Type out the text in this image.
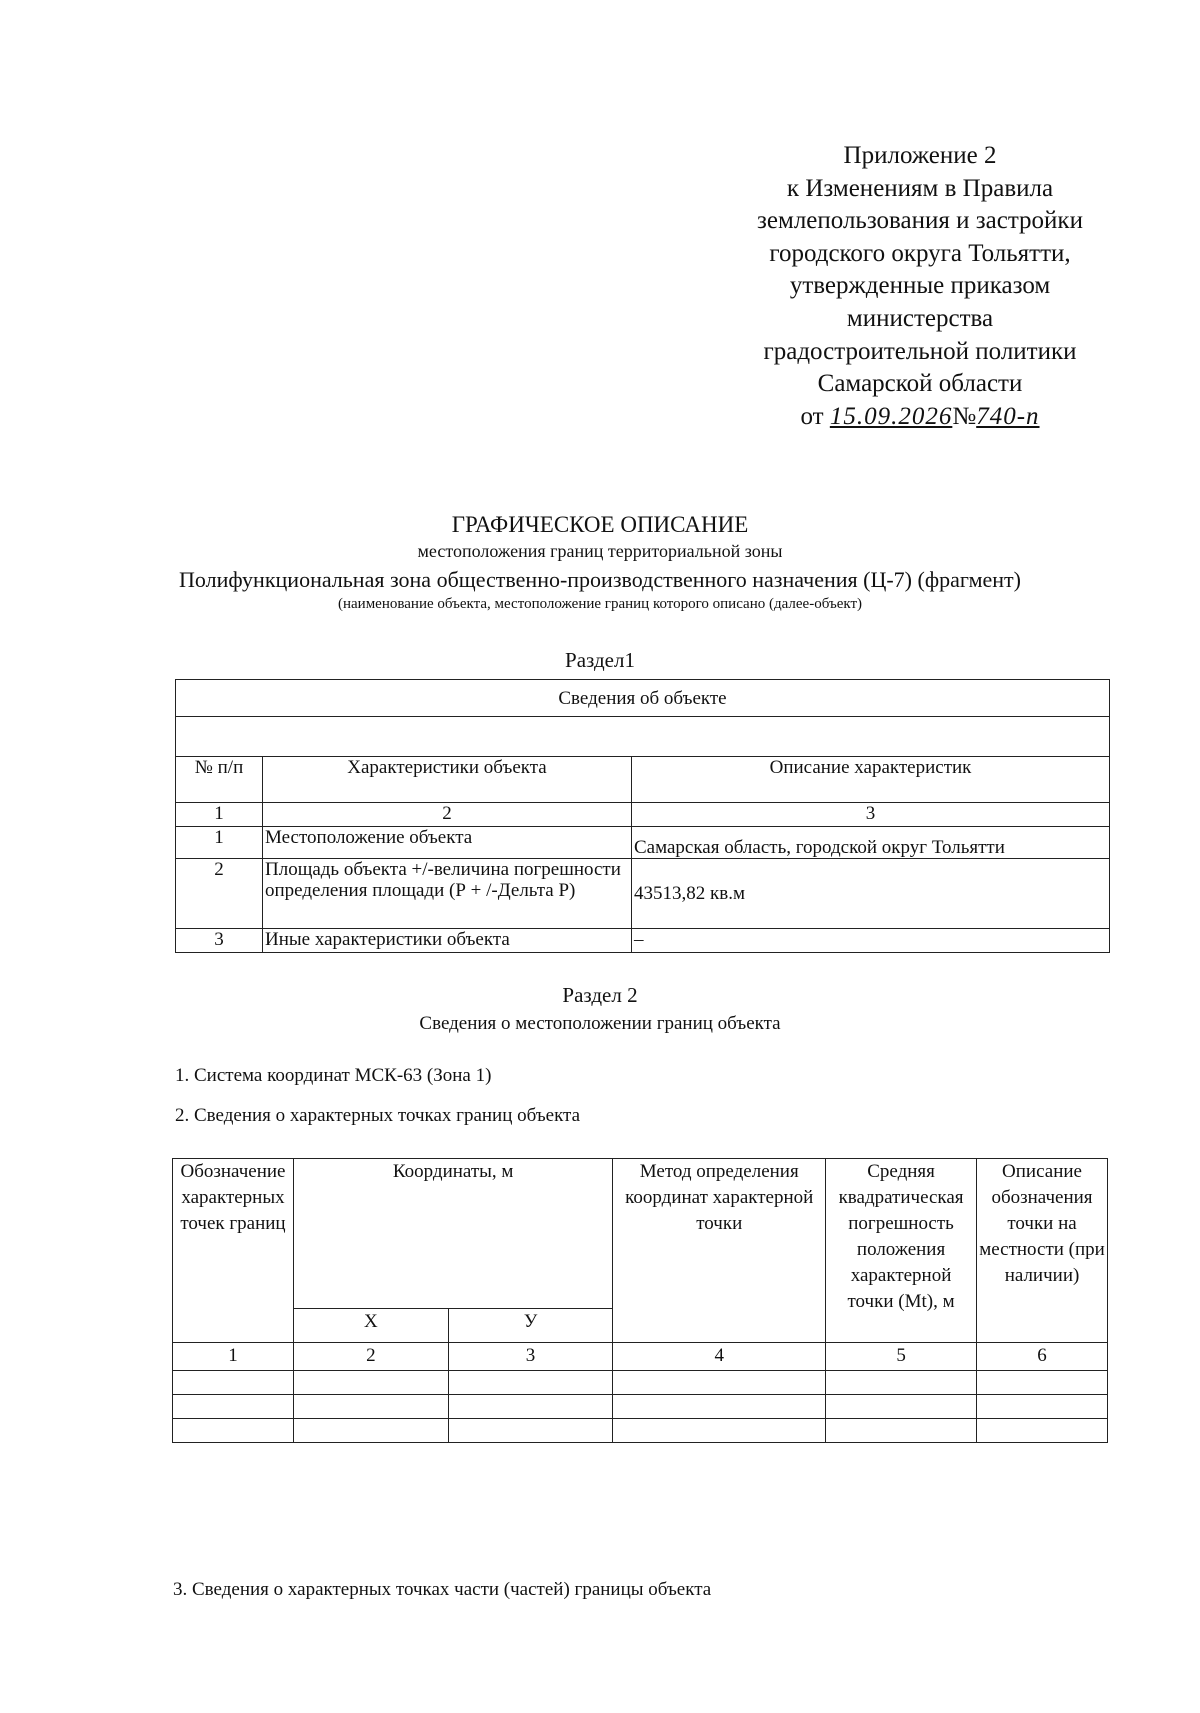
Приложение 2
к Изменениям в Правила
землепользования и застройки
городского округа Тольятти,
утвержденные приказом
министерства
градостроительной политики
Самарской области
от 15.09.2026№740-п
ГРАФИЧЕСКОЕ ОПИСАНИЕ
местоположения границ территориальной зоны
Полифункциональная зона общественно-производственного назначения (Ц-7) (фрагмент)
(наименование объекта, местоположение границ которого описано (далее-объект)
Раздел1
Сведения об объекте		

№ п/п	Характеристики объекта	Описание характеристик
1	2	3
1	Местоположение объекта	Самарская область, городской округ Тольятти
2	Площадь объекта +/-величина погрешности определения площади (Р + /-Дельта Р)	43513,82 кв.м
3	Иные характеристики объекта	–
Раздел 2
Сведения о местоположении границ объекта
1. Система координат МСК-63 (Зона 1)
2. Сведения о характерных точках границ объекта
Обозначение характерных точек границ	Координаты, м		Метод определения координат характерной точки	Средняя квадратическая погрешность положения характерной точки (Мt), м	Описание обозначения точки на местности (при наличии)
	Х	У			
1	2	3	4	5	6

3. Сведения о характерных точках части (частей) границы объекта
